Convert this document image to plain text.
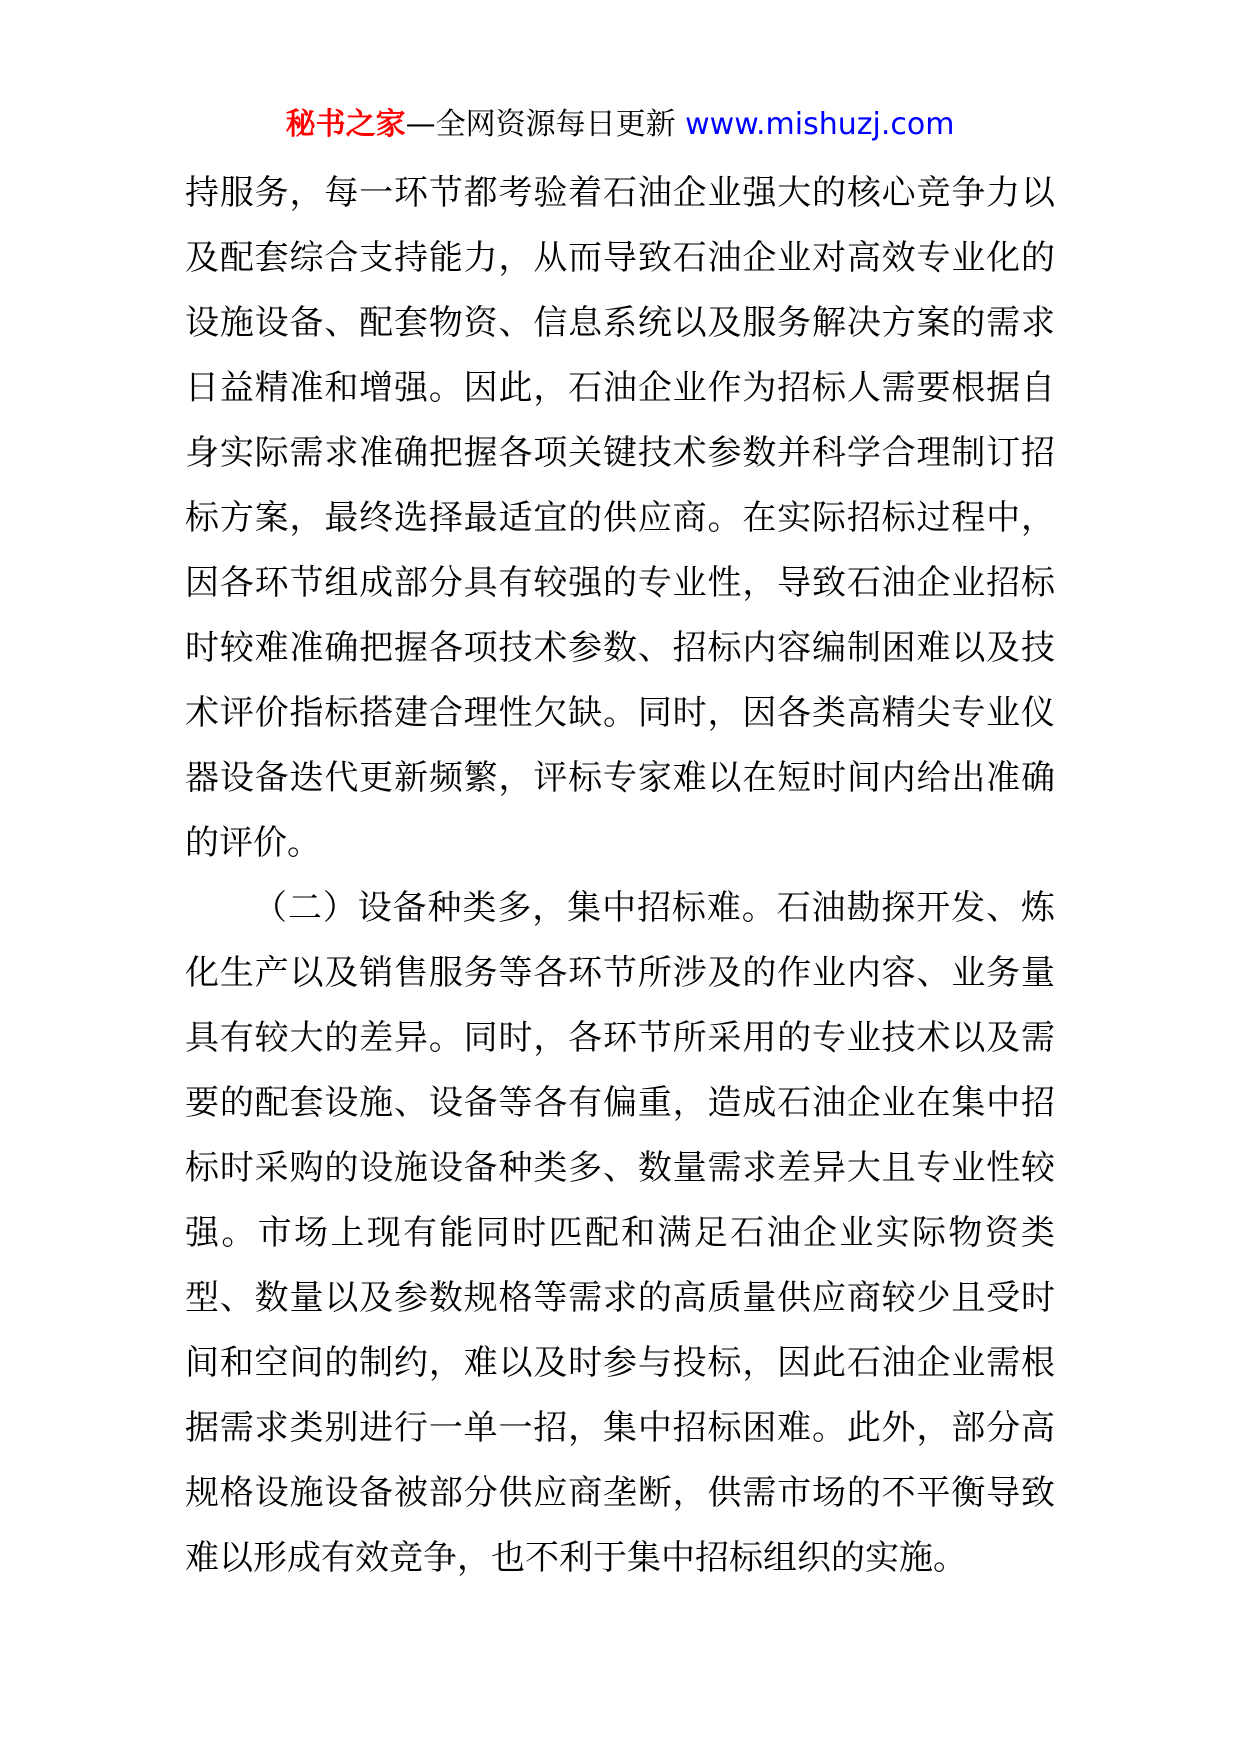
秘书之家—全网资源每日更新 www.mishuzj.com

持服务，每一环节都考验着石油企业强大的核心竞争力以
及配套综合支持能力，从而导致石油企业对高效专业化的
设施设备、配套物资、信息系统以及服务解决方案的需求
日益精准和增强。因此，石油企业作为招标人需要根据自
身实际需求准确把握各项关键技术参数并科学合理制订招
标方案，最终选择最适宜的供应商。在实际招标过程中，
因各环节组成部分具有较强的专业性，导致石油企业招标
时较难准确把握各项技术参数、招标内容编制困难以及技
术评价指标搭建合理性欠缺。同时，因各类高精尖专业仪
器设备迭代更新频繁，评标专家难以在短时间内给出准确
的评价。

（二）设备种类多，集中招标难。石油勘探开发、炼
化生产以及销售服务等各环节所涉及的作业内容、业务量
具有较大的差异。同时，各环节所采用的专业技术以及需
要的配套设施、设备等各有偏重，造成石油企业在集中招
标时采购的设施设备种类多、数量需求差异大且专业性较
强。市场上现有能同时匹配和满足石油企业实际物资类
型、数量以及参数规格等需求的高质量供应商较少且受时
间和空间的制约，难以及时参与投标，因此石油企业需根
据需求类别进行一单一招，集中招标困难。此外，部分高
规格设施设备被部分供应商垄断，供需市场的不平衡导致
难以形成有效竞争，也不利于集中招标组织的实施。
